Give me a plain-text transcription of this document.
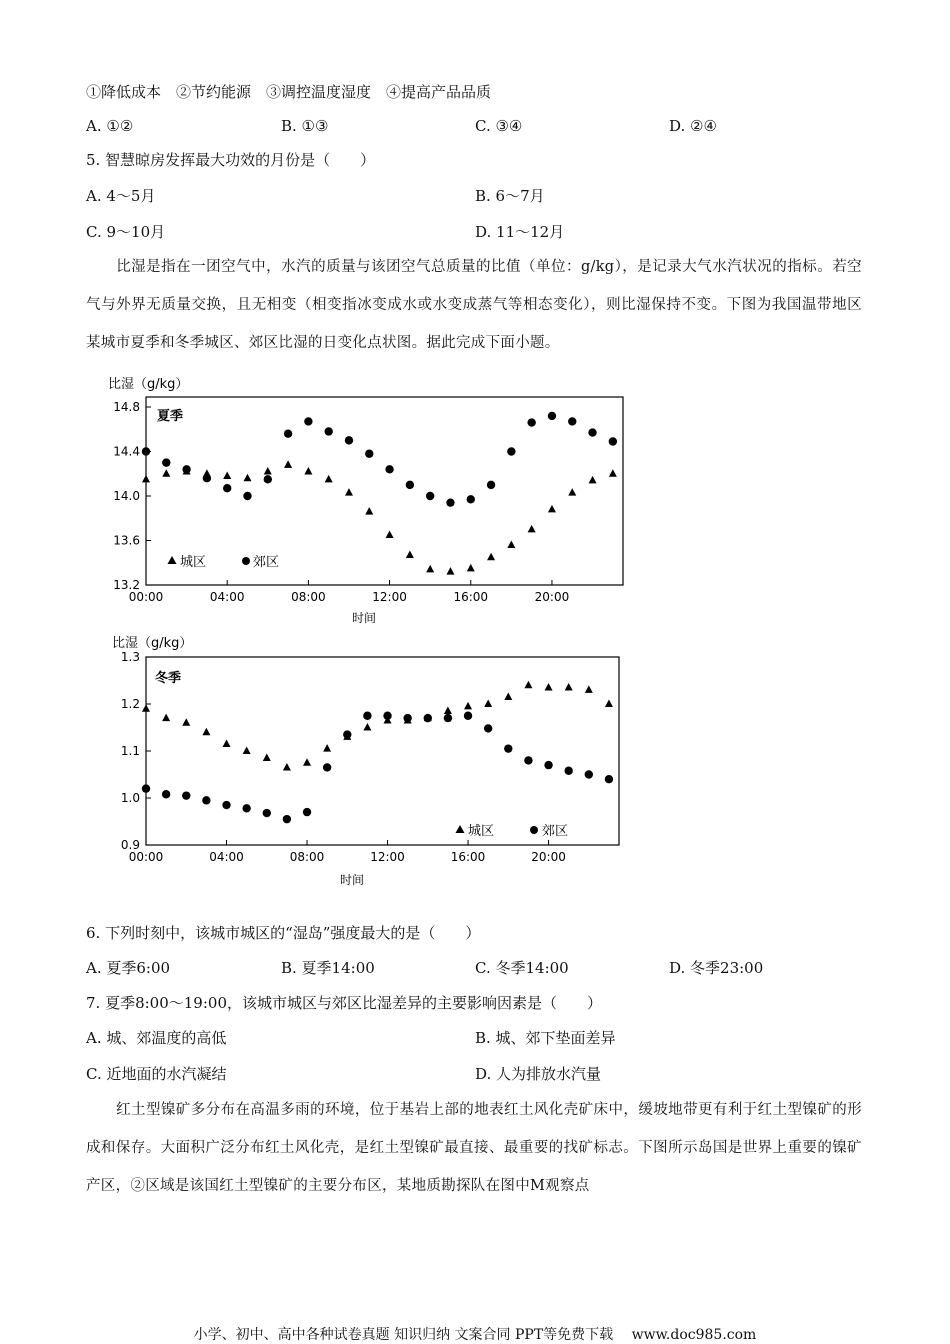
①降低成本　②节约能源　③调控温度湿度　④提高产品品质
A. ①②	B. ①③	C. ③④	D. ②④
5. 智慧晾房发挥最大功效的月份是（　　）
A. 4～5月	B. 6～7月
C. 9～10月	D. 11～12月
比湿是指在一团空气中，水汽的质量与该团空气总质量的比值（单位：g/kg），是记录大气水汽状况的指标。若空气与外界无质量交换，且无相变（相变指冰变成水或水变成蒸气等相态变化），则比湿保持不变。下图为我国温带地区某城市夏季和冬季城区、郊区比湿的日变化点状图。据此完成下面小题。
比湿（g/kg）
夏季
14.8
14.4
14.0
13.6
13.2
00:00	04:00	08:00	12:00	16:00	20:00
时间
城区	郊区
比湿（g/kg）
冬季
1.3
1.2
1.1
1.0
0.9
00:00	04:00	08:00	12:00	16:00	20:00
时间
城区	郊区
6. 下列时刻中，该城市城区的“湿岛”强度最大的是（　　）
A. 夏季6:00	B. 夏季14:00	C. 冬季14:00	D. 冬季23:00
7. 夏季8:00～19:00，该城市城区与郊区比湿差异的主要影响因素是（　　）
A. 城、郊温度的高低	B. 城、郊下垫面差异
C. 近地面的水汽凝结	D. 人为排放水汽量
红土型镍矿多分布在高温多雨的环境，位于基岩上部的地表红土风化壳矿床中，缓坡地带更有利于红土型镍矿的形成和保存。大面积广泛分布红土风化壳，是红土型镍矿最直接、最重要的找矿标志。下图所示岛国是世界上重要的镍矿产区，②区域是该国红土型镍矿的主要分布区，某地质勘探队在图中M观察点
小学、初中、高中各种试卷真题 知识归纳 文案合同 PPT等免费下载　 www.doc985.com
